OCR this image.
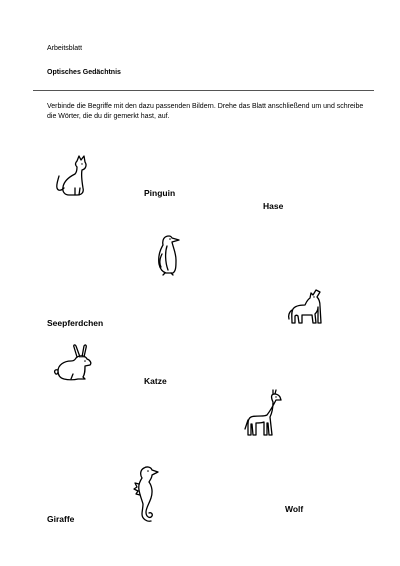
Arbeitsblatt
Optisches Gedächtnis
Verbinde die Begriffe mit den dazu passenden Bildern. Drehe das Blatt anschließend um und schreibe die Wörter, die du dir gemerkt hast, auf.
Pinguin
Hase
Seepferdchen
Katze
Wolf
Giraffe
